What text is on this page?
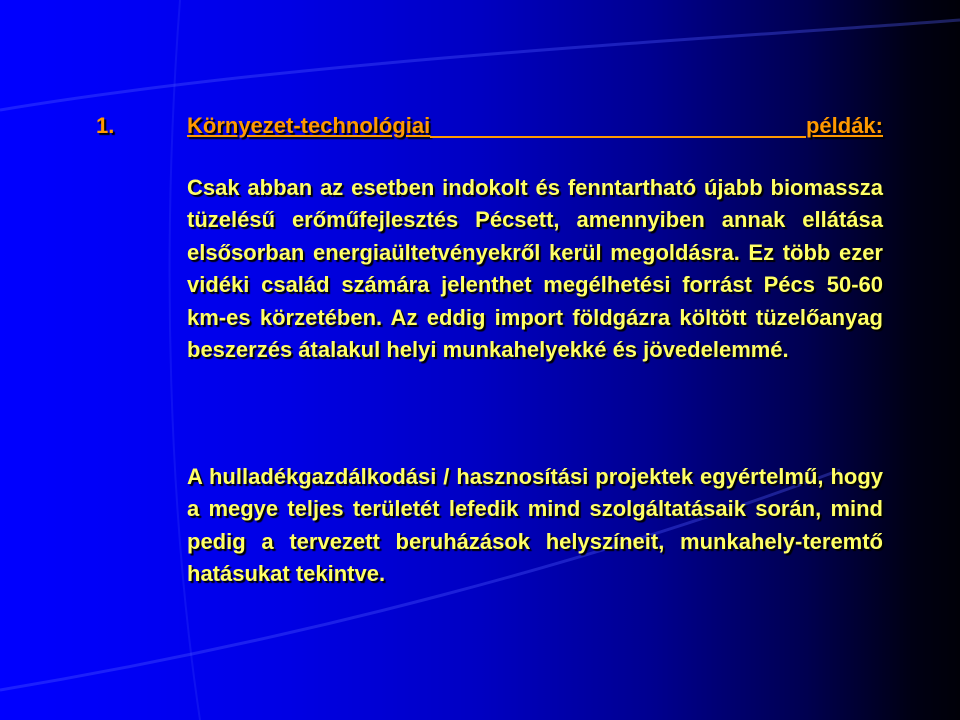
1.	Környezet-technológiai	példák:
Csak abban az esetben indokolt és fenntartható újabb biomassza tüzelésű erőműfejlesztés Pécsett, amennyiben annak ellátása elsősorban energiaültetvényekről kerül megoldásra. Ez több ezer vidéki család számára jelenthet megélhetési forrást Pécs 50-60 km-es körzetében. Az eddig import földgázra költött tüzelőanyag beszerzés átalakul helyi munkahelyekké és jövedelemmé.
A hulladékgazdálkodási / hasznosítási projektek egyértelmű, hogy a megye teljes területét lefedik mind szolgáltatásaik során, mind pedig a tervezett beruházások helyszíneit, munkahely-teremtő hatásukat tekintve.
